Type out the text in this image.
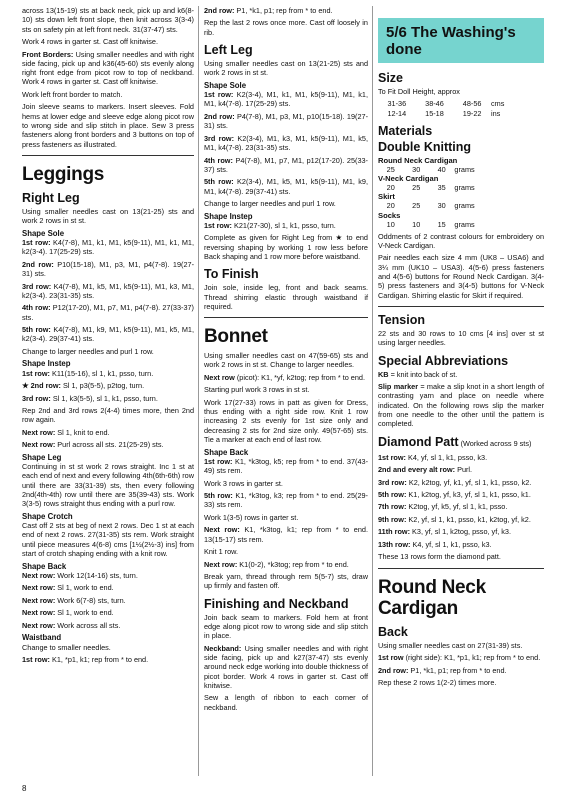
across 13(15-19) sts at back neck, pick up and k6(8-10) sts down left front slope, then knit across 3(3-4) sts on safety pin at left front neck. 31(37-47) sts.

Work 4 rows in garter st. Cast off knitwise.

Front Borders: Using smaller needles and with right side facing, pick up and k36(45-60) sts evenly along right front edge from picot row to top of neckband. Work 4 rows in garter st. Cast off knitwise.

Work left front border to match.

Join sleeve seams to markers. Insert sleeves. Fold hems at lower edge and sleeve edge along picot row to wrong side and slip stitch in place. Sew 3 press fasteners along front borders and 3 buttons on top of press fasteners as illustrated.

Leggings
Right Leg

Using smaller needles cast on 13(21-25) sts and work 2 rows in st st.

Shape Sole

1st row: K4(7-8), M1, k1, M1, k5(9-11), M1, k1, M1, k2(3-4). 17(25-29) sts.

2nd row: P10(15-18), M1, p3, M1, p4(7-8). 19(27-31) sts.

3rd row: K4(7-8), M1, k5, M1, k5(9-11), M1, k3, M1, k2(3-4). 23(31-35) sts.

4th row: P12(17-20), M1, p7, M1, p4(7-8). 27(33-37) sts.

5th row: K4(7-8), M1, k9, M1, k5(9-11), M1, k5, M1, k2(3-4). 29(37-41) sts.

Change to larger needles and purl 1 row.

Shape Instep

1st row: K11(15-16), sl 1, k1, psso, turn.

★ 2nd row: Sl 1, p3(5-5), p2tog, turn.

3rd row: Sl 1, k3(5-5), sl 1, k1, psso, turn.

Rep 2nd and 3rd rows 2(4-4) times more, then 2nd row again.

Next row: Sl 1, knit to end.

Next row: Purl across all sts. 21(25-29) sts.

Shape Leg

Continuing in st st work 2 rows straight. Inc 1 st at each end of next and every following 4th(6th-6th) row until there are 33(31-39) sts, then every following 2nd(4th-4th) row until there are 35(39-43) sts. Work 3(3-5) rows straight thus ending with a purl row.

Shape Crotch

Cast off 2 sts at beg of next 2 rows. Dec 1 st at each end of next 2 rows. 27(31-35) sts rem. Work straight until piece measures 4(6-8) cms [1½(2½-3) ins] from start of crotch shaping ending with a knit row.

Shape Back

Next row: Work 12(14-16) sts, turn.

Next row: Sl 1, work to end.

Next row: Work 6(7-8) sts, turn.

Next row: Sl 1, work to end.

Next row: Work across all sts.

Waistband

Change to smaller needles.

1st row: K1, *p1, k1; rep from * to end.

2nd row: P1, *k1, p1; rep from * to end.

Rep the last 2 rows once more. Cast off loosely in rib.

Left Leg

Using smaller needles cast on 13(21-25) sts and work 2 rows in st st.

Shape Sole

1st row: K2(3-4), M1, k1, M1, k5(9-11), M1, k1, M1, k4(7-8). 17(25-29) sts.

2nd row: P4(7-8), M1, p3, M1, p10(15-18). 19(27-31) sts.

3rd row: K2(3-4), M1, k3, M1, k5(9-11), M1, k5, M1, k4(7-8). 23(31-35) sts.

4th row: P4(7-8), M1, p7, M1, p12(17-20). 25(33-37) sts.

5th row: K2(3-4), M1, k5, M1, k5(9-11), M1, k9, M1, k4(7-8). 29(37-41) sts.

Change to larger needles and purl 1 row.

Shape Instep

1st row: K21(27-30), sl 1, k1, psso, turn.

Complete as given for Right Leg from ★ to end reversing shaping by working 1 row less before Back shaping and 1 row more before waistband.

To Finish

Join sole, inside leg, front and back seams. Thread shirring elastic through waistband if required.

Bonnet

Using smaller needles cast on 47(59-65) sts and work 2 rows in st st. Change to larger needles.

Next row (picot): K1, *yf, k2tog; rep from * to end.

Starting purl work 3 rows in st st.

Work 17(27-33) rows in patt as given for Dress, thus ending with a right side row. Knit 1 row increasing 2 sts evenly for 1st size only and decreasing 2 sts for 2nd size only. 49(57-65) sts. Tie a marker at each end of last row.

Shape Back

1st row: K1, *k3tog, k5; rep from * to end. 37(43-49) sts rem.

Work 3 rows in garter st.

5th row: K1, *k3tog, k3; rep from * to end. 25(29-33) sts rem.

Work 1(3-5) rows in garter st.

Next row: K1, *k3tog, k1; rep from * to end. 13(15-17) sts rem.

Knit 1 row.

Next row: K1(0-2), *k3tog; rep from * to end.

Break yarn, thread through rem 5(5-7) sts, draw up firmly and fasten off.

Finishing and Neckband

Join back seam to markers. Fold hem at front edge along picot row to wrong side and slip stitch in place.

Neckband: Using smaller needles and with right side facing, pick up and k27(37-47) sts evenly around neck edge working into double thickness of picot border. Work 4 rows in garter st. Cast off knitwise.

Sew a length of ribbon to each corner of neckband.

5/6 The Washing's
done
Size

To Fit Doll Height, approx

31-36	38-46	48-56	cms
12-14	15-18	19-22	ins
Materials
Double Knitting
Round Neck Cardigan
25	30	40	grams
V-Neck Cardigan
20	25	35	grams
Skirt
20	25	30	grams
Socks
10	10	15	grams

Oddments of 2 contrast colours for embroidery on V-Neck Cardigan.

Pair needles each size 4 mm (UK8 – USA6) and 3¼ mm (UK10 – USA3). 4(5-6) press fasteners and 4(5-6) buttons for Round Neck Cardigan. 3(4-5) press fasteners and 3(4-5) buttons for V-Neck Cardigan. Shirring elastic for Skirt if required.

Tension

22 sts and 30 rows to 10 cms [4 ins] over st st using larger needles.

Special Abbreviations

KB = knit into back of st.

Slip marker = make a slip knot in a short length of contrasting yarn and place on needle where indicated. On the following rows slip the marker from one needle to the other until the pattern is completed.

Diamond Patt (Worked across 9 sts)

1st row: K4, yf, sl 1, k1, psso, k3.

2nd and every alt row: Purl.

3rd row: K2, k2tog, yf, k1, yf, sl 1, k1, psso, k2.

5th row: K1, k2tog, yf, k3, yf, sl 1, k1, psso, k1.

7th row: K2tog, yf, k5, yf, sl 1, k1, psso.

9th row: K2, yf, sl 1, k1, psso, k1, k2tog, yf, k2.

11th row: K3, yf, sl 1, k2tog, psso, yf, k3.

13th row: K4, yf, sl 1, k1, psso, k3.

These 13 rows form the diamond patt.

Round Neck
Cardigan
Back

Using smaller needles cast on 27(31-39) sts.

1st row (right side): K1, *p1, k1; rep from * to end.

2nd row: P1, *k1, p1; rep from * to end.

Rep these 2 rows 1(2-2) times more.

8
